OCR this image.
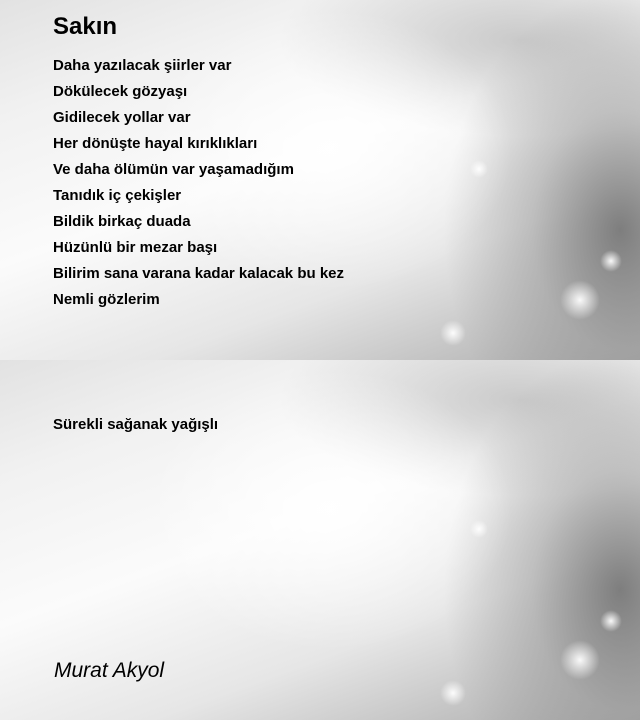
Sakın
Daha yazılacak şiirler var
Dökülecek gözyaşı
Gidilecek yollar var
Her dönüşte hayal kırıklıkları
Ve daha ölümün var yaşamadığım
Tanıdık iç çekişler
Bildik birkaç duada
Hüzünlü bir mezar başı
Bilirim sana varana kadar kalacak bu kez
Nemli gözlerim
Sürekli sağanak yağışlı

Murat Akyol
